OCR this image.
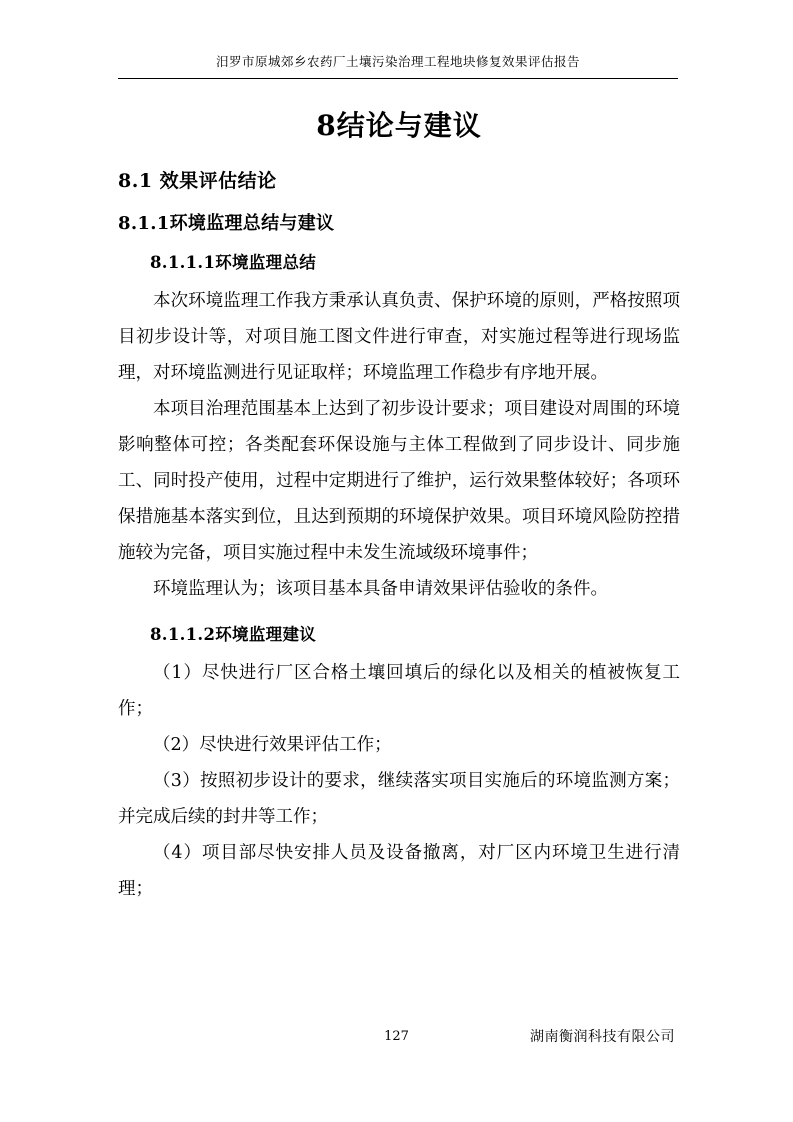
汨罗市原城郊乡农药厂土壤污染治理工程地块修复效果评估报告
8结论与建议
8.1 效果评估结论
8.1.1环境监理总结与建议
8.1.1.1环境监理总结

本次环境监理工作我方秉承认真负责、保护环境的原则，严格按照项目初步设计等，对项目施工图文件进行审查，对实施过程等进行现场监理，对环境监测进行见证取样；环境监理工作稳步有序地开展。

本项目治理范围基本上达到了初步设计要求；项目建设对周围的环境影响整体可控；各类配套环保设施与主体工程做到了同步设计、同步施工、同时投产使用，过程中定期进行了维护，运行效果整体较好；各项环保措施基本落实到位，且达到预期的环境保护效果。项目环境风险防控措施较为完备，项目实施过程中未发生流域级环境事件；

环境监理认为；该项目基本具备申请效果评估验收的条件。

8.1.1.2环境监理建议

（1）尽快进行厂区合格土壤回填后的绿化以及相关的植被恢复工作；

（2）尽快进行效果评估工作；

（3）按照初步设计的要求，继续落实项目实施后的环境监测方案；并完成后续的封井等工作；

（4）项目部尽快安排人员及设备撤离，对厂区内环境卫生进行清理；

127	湖南衡润科技有限公司
